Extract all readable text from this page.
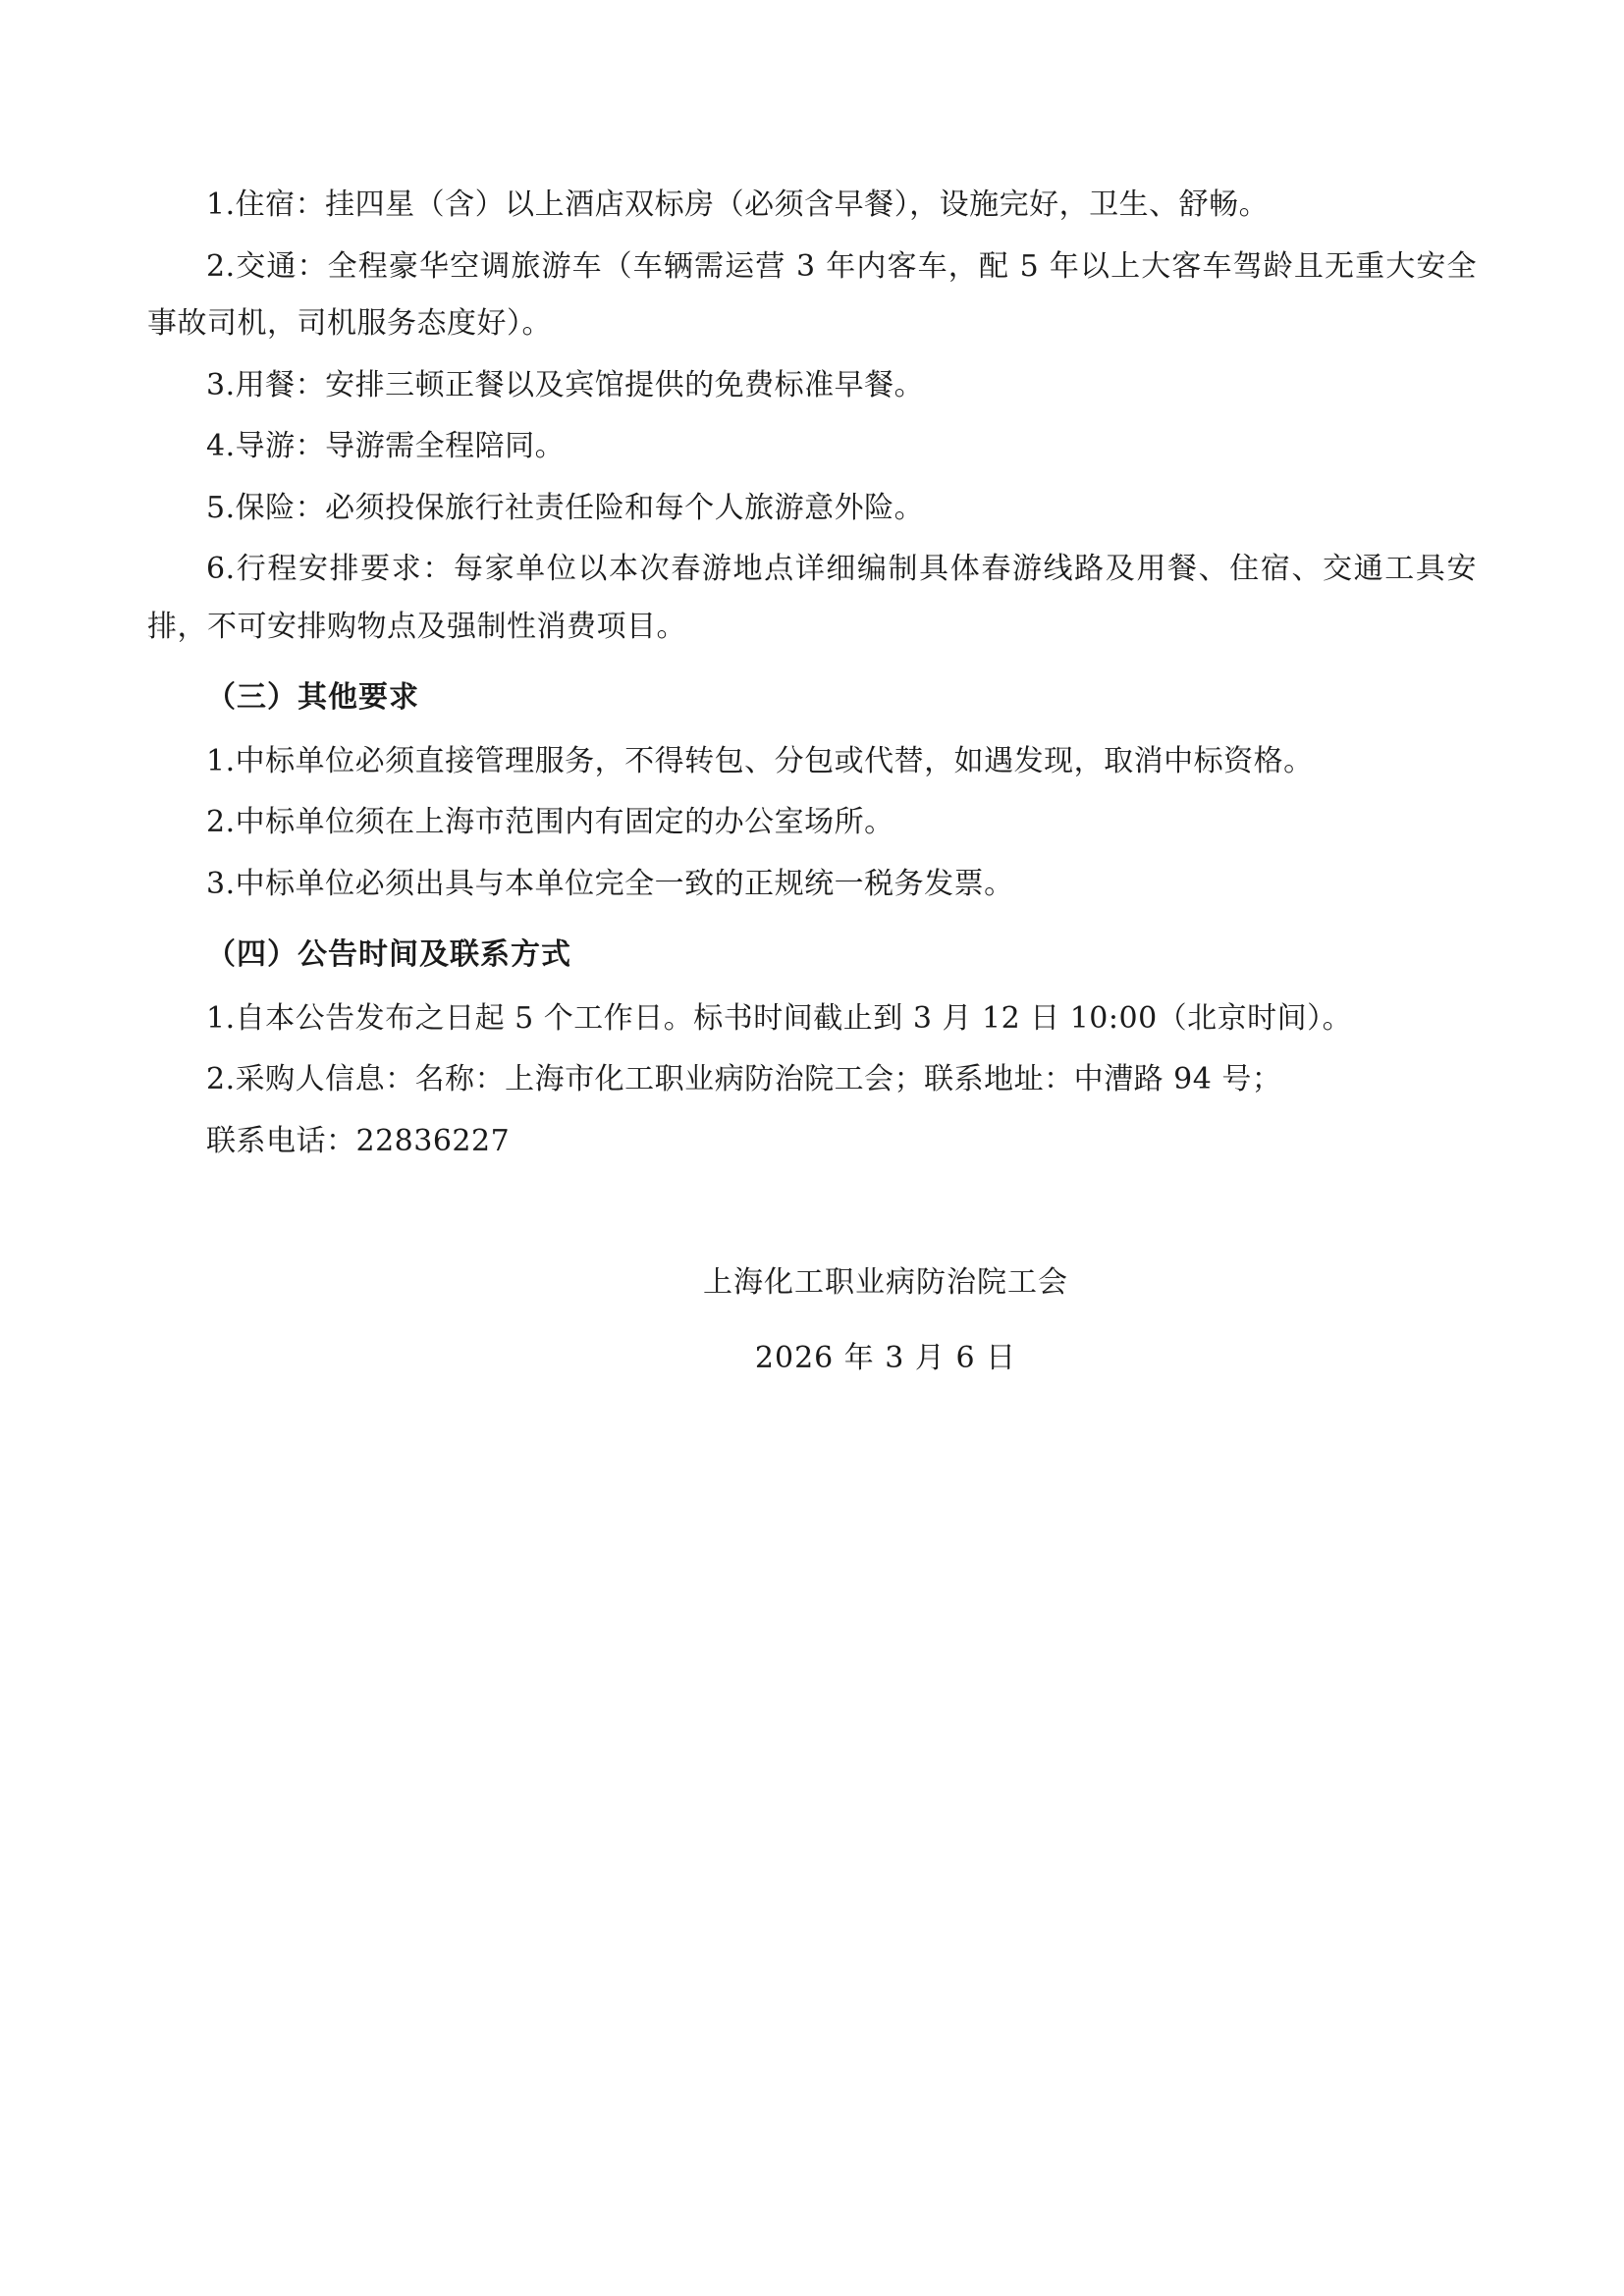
1.住宿：挂四星（含）以上酒店双标房（必须含早餐），设施完好，卫生、舒畅。

2.交通：全程豪华空调旅游车（车辆需运营 3 年内客车，配 5 年以上大客车驾龄且无重大安全事故司机，司机服务态度好）。

3.用餐：安排三顿正餐以及宾馆提供的免费标准早餐。

4.导游：导游需全程陪同。

5.保险：必须投保旅行社责任险和每个人旅游意外险。

6.行程安排要求：每家单位以本次春游地点详细编制具体春游线路及用餐、住宿、交通工具安排，不可安排购物点及强制性消费项目。

（三）其他要求

1.中标单位必须直接管理服务，不得转包、分包或代替，如遇发现，取消中标资格。

2.中标单位须在上海市范围内有固定的办公室场所。

3.中标单位必须出具与本单位完全一致的正规统一税务发票。

（四）公告时间及联系方式

1.自本公告发布之日起 5 个工作日。标书时间截止到 3 月 12 日 10:00（北京时间）。

2.采购人信息：名称：上海市化工职业病防治院工会；联系地址：中漕路 94 号；

联系电话：22836227

上海化工职业病防治院工会

2026 年 3 月 6 日
